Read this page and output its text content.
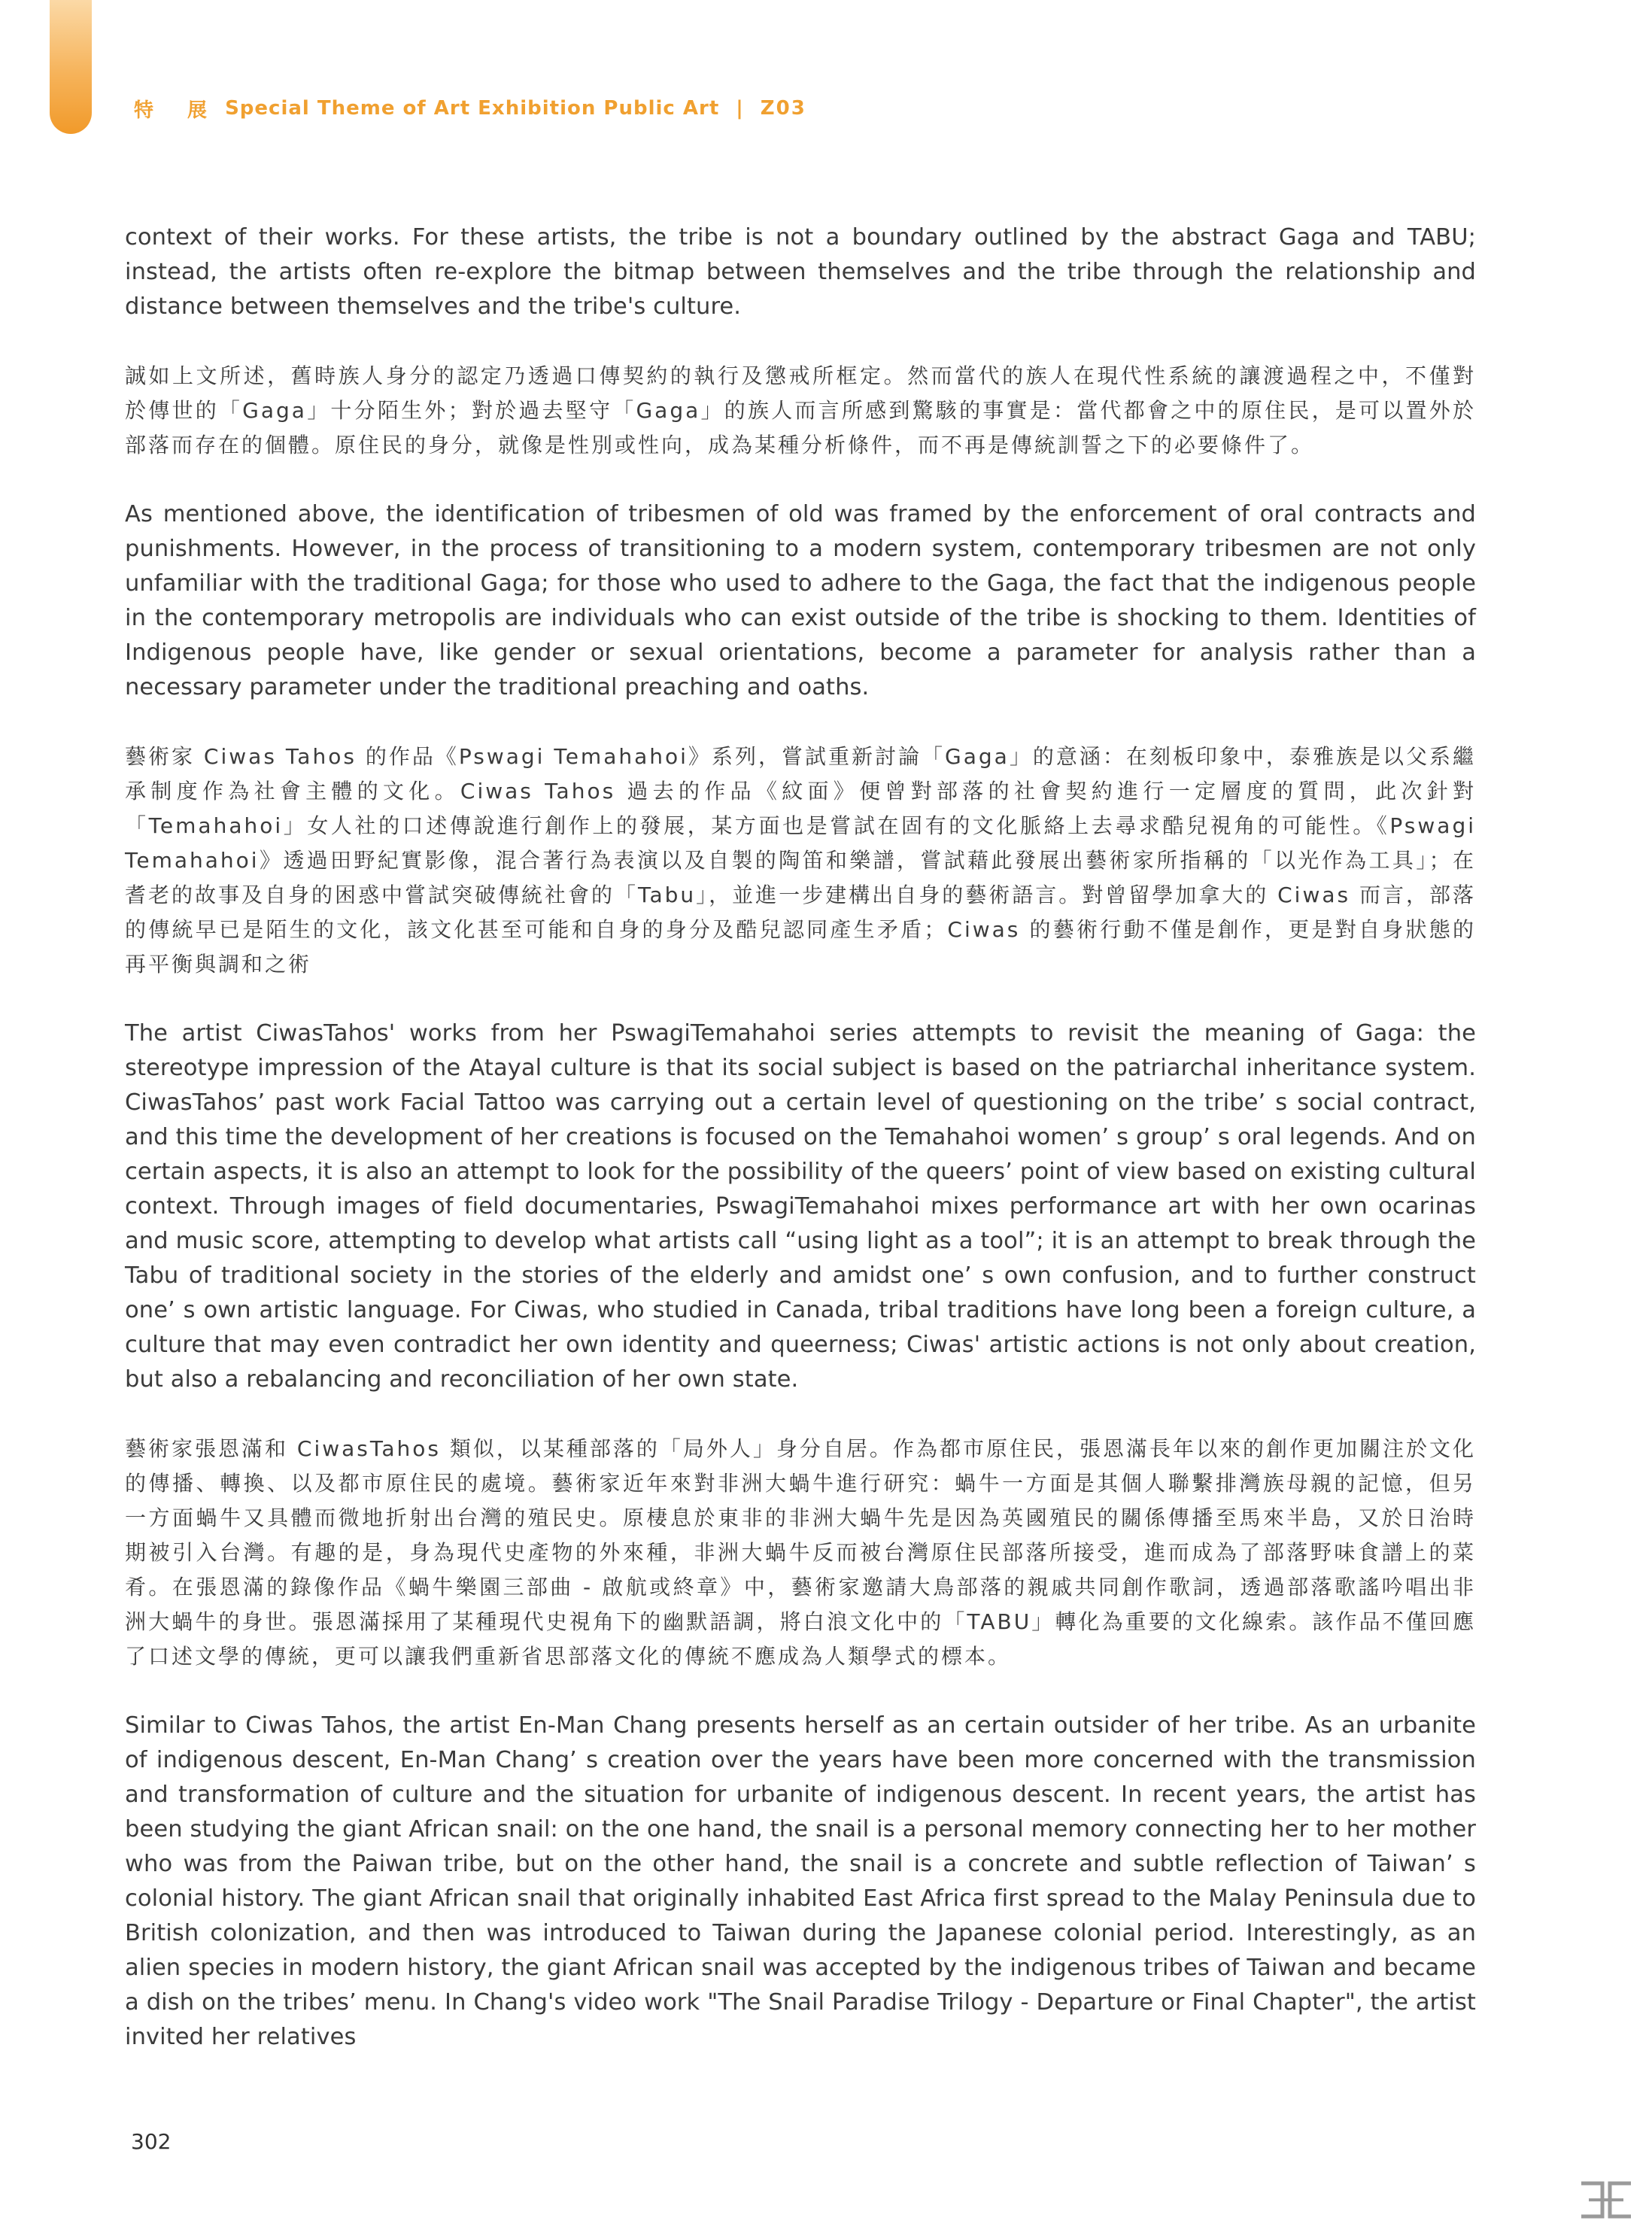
特 展 Special Theme of Art Exhibition Public Art | Z03

context of their works. For these artists, the tribe is not a boundary outlined by the abstract Gaga and TABU; instead, the artists often re-explore the bitmap between themselves and the tribe through the relationship and distance between themselves and the tribe's culture.

誠如上文所述，舊時族人身分的認定乃透過口傳契約的執行及懲戒所框定。然而當代的族人在現代性系統的讓渡過程之中，不僅對於傳世的「Gaga」十分陌生外；對於過去堅守「Gaga」的族人而言所感到驚駭的事實是：當代都會之中的原住民，是可以置外於部落而存在的個體。原住民的身分，就像是性別或性向，成為某種分析條件，而不再是傳統訓誓之下的必要條件了。

As mentioned above, the identification of tribesmen of old was framed by the enforcement of oral contracts and punishments. However, in the process of transitioning to a modern system, contemporary tribesmen are not only unfamiliar with the traditional Gaga; for those who used to adhere to the Gaga, the fact that the indigenous people in the contemporary metropolis are individuals who can exist outside of the tribe is shocking to them. Identities of Indigenous people have, like gender or sexual orientations, become a parameter for analysis rather than a necessary parameter under the traditional preaching and oaths.

藝術家 Ciwas Tahos 的作品《Pswagi Temahahoi》系列，嘗試重新討論「Gaga」的意涵：在刻板印象中，泰雅族是以父系繼承制度作為社會主體的文化。Ciwas Tahos 過去的作品《紋面》便曾對部落的社會契約進行一定層度的質問，此次針對「Temahahoi」女人社的口述傳說進行創作上的發展，某方面也是嘗試在固有的文化脈絡上去尋求酷兒視角的可能性。《Pswagi Temahahoi》透過田野紀實影像，混合著行為表演以及自製的陶笛和樂譜，嘗試藉此發展出藝術家所指稱的「以光作為工具」；在耆老的故事及自身的困惑中嘗試突破傳統社會的「Tabu」，並進一步建構出自身的藝術語言。對曾留學加拿大的 Ciwas 而言，部落的傳統早已是陌生的文化，該文化甚至可能和自身的身分及酷兒認同產生矛盾；Ciwas 的藝術行動不僅是創作，更是對自身狀態的再平衡與調和之術

The artist CiwasTahos' works from her PswagiTemahahoi series attempts to revisit the meaning of Gaga: the stereotype impression of the Atayal culture is that its social subject is based on the patriarchal inheritance system. CiwasTahos’ past work Facial Tattoo was carrying out a certain level of questioning on the tribe’ s social contract, and this time the development of her creations is focused on the Temahahoi women’ s group’ s oral legends. And on certain aspects, it is also an attempt to look for the possibility of the queers’ point of view based on existing cultural context. Through images of field documentaries, PswagiTemahahoi mixes performance art with her own ocarinas and music score, attempting to develop what artists call “using light as a tool”; it is an attempt to break through the Tabu of traditional society in the stories of the elderly and amidst one’ s own confusion, and to further construct one’ s own artistic language. For Ciwas, who studied in Canada, tribal traditions have long been a foreign culture, a culture that may even contradict her own identity and queerness; Ciwas' artistic actions is not only about creation, but also a rebalancing and reconciliation of her own state.

藝術家張恩滿和 CiwasTahos 類似，以某種部落的「局外人」身分自居。作為都市原住民，張恩滿長年以來的創作更加關注於文化的傳播、轉換、以及都市原住民的處境。藝術家近年來對非洲大蝸牛進行研究：蝸牛一方面是其個人聯繫排灣族母親的記憶，但另一方面蝸牛又具體而微地折射出台灣的殖民史。原棲息於東非的非洲大蝸牛先是因為英國殖民的關係傳播至馬來半島，又於日治時期被引入台灣。有趣的是，身為現代史產物的外來種，非洲大蝸牛反而被台灣原住民部落所接受，進而成為了部落野味食譜上的菜肴。在張恩滿的錄像作品《蝸牛樂園三部曲 - 啟航或終章》中，藝術家邀請大鳥部落的親戚共同創作歌詞，透過部落歌謠吟唱出非洲大蝸牛的身世。張恩滿採用了某種現代史視角下的幽默語調，將白浪文化中的「TABU」轉化為重要的文化線索。該作品不僅回應了口述文學的傳統，更可以讓我們重新省思部落文化的傳統不應成為人類學式的標本。

Similar to Ciwas Tahos, the artist En-Man Chang presents herself as an certain outsider of her tribe. As an urbanite of indigenous descent, En-Man Chang’ s creation over the years have been more concerned with the transmission and transformation of culture and the situation for urbanite of indigenous descent. In recent years, the artist has been studying the giant African snail: on the one hand, the snail is a personal memory connecting her to her mother who was from the Paiwan tribe, but on the other hand, the snail is a concrete and subtle reflection of Taiwan’ s colonial history. The giant African snail that originally inhabited East Africa first spread to the Malay Peninsula due to British colonization, and then was introduced to Taiwan during the Japanese colonial period. Interestingly, as an alien species in modern history, the giant African snail was accepted by the indigenous tribes of Taiwan and became a dish on the tribes’ menu. In Chang's video work "The Snail Paradise Trilogy - Departure or Final Chapter", the artist invited her relatives

302
